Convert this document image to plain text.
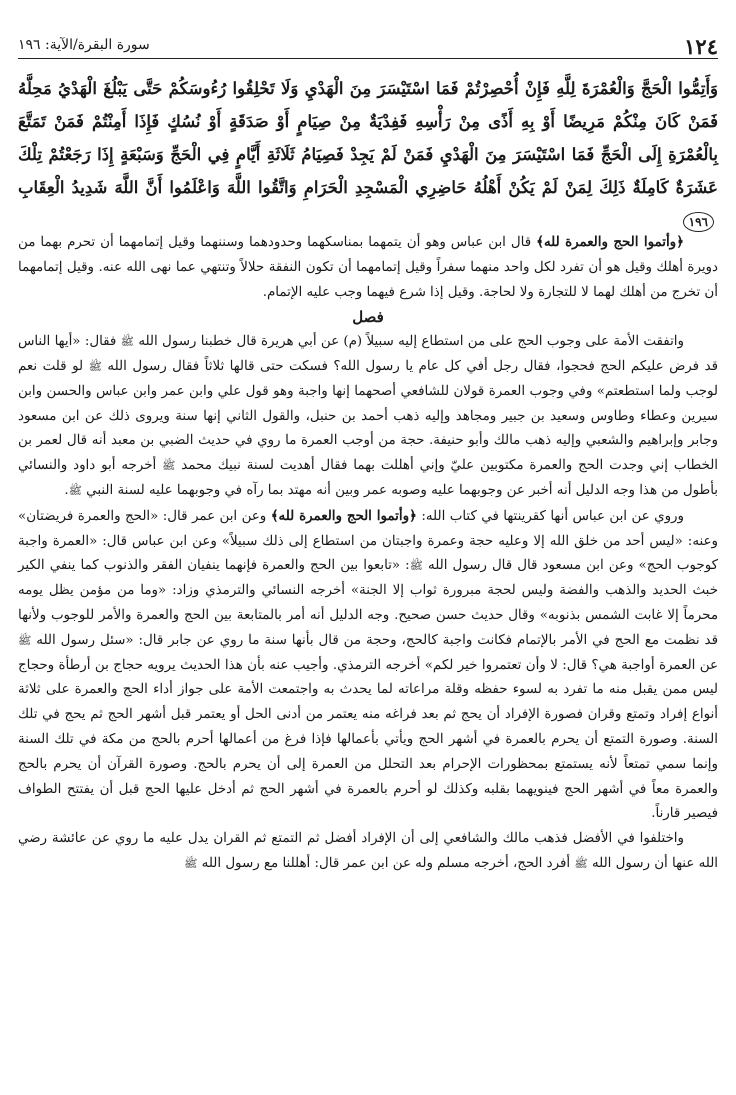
١٢٤
سورة البقرة/الآية: ١٩٦
وَأَتِمُّوا الْحَجَّ وَالْعُمْرَةَ لِلَّهِ فَإِنْ أُحْصِرْتُمْ فَمَا اسْتَيْسَرَ مِنَ الْهَدْيِ وَلَا تَحْلِقُوا رُءُوسَكُمْ حَتَّى يَبْلُغَ الْهَدْيُ مَحِلَّهُ فَمَنْ كَانَ مِنْكُمْ مَرِيضًا أَوْ بِهِ أَذًى مِنْ رَأْسِهِ فَفِدْيَةٌ مِنْ صِيَامٍ أَوْ صَدَقَةٍ أَوْ نُسُكٍ فَإِذَا أَمِنْتُمْ فَمَنْ تَمَتَّعَ بِالْعُمْرَةِ إِلَى الْحَجِّ فَمَا اسْتَيْسَرَ مِنَ الْهَدْيِ فَمَنْ لَمْ يَجِدْ فَصِيَامُ ثَلَاثَةِ أَيَّامٍ فِي الْحَجِّ وَسَبْعَةٍ إِذَا رَجَعْتُمْ تِلْكَ عَشَرَةٌ كَامِلَةٌ ذَلِكَ لِمَنْ لَمْ يَكُنْ أَهْلُهُ حَاضِرِي الْمَسْجِدِ الْحَرَامِ وَاتَّقُوا اللَّهَ وَاعْلَمُوا أَنَّ اللَّهَ شَدِيدُ الْعِقَابِ ١٩٦

﴿وأتموا الحج والعمرة لله﴾ قال ابن عباس وهو أن يتمهما بمناسكهما وحدودهما وسننهما وقيل إتمامهما أن تحرم بهما من دويرة أهلك وقيل هو أن تفرد لكل واحد منهما سفراً وقيل إتمامهما أن تكون النفقة حلالاً وتنتهي عما نهى الله عنه. وقيل إتمامهما أن تخرج من أهلك لهما لا للتجارة ولا لحاجة. وقيل إذا شرع فيهما وجب عليه الإتمام.

فصل

واتفقت الأمة على وجوب الحج على من استطاع إليه سبيلاً (م) عن أبي هريرة قال خطبنا رسول الله ﷺ فقال: «أيها الناس قد فرض عليكم الحج فحجوا، فقال رجل أفي كل عام يا رسول الله؟ فسكت حتى قالها ثلاثاً فقال رسول الله ﷺ لو قلت نعم لوجب ولما استطعتم» وفي وجوب العمرة قولان للشافعي أصحهما إنها واجبة وهو قول علي وابن عمر وابن عباس والحسن وابن سيرين وعطاء وطاوس وسعيد بن جبير ومجاهد وإليه ذهب أحمد بن حنبل، والقول الثاني إنها سنة ويروى ذلك عن ابن مسعود وجابر وإبراهيم والشعبي وإليه ذهب مالك وأبو حنيفة. حجة من أوجب العمرة ما روي في حديث الضبي بن معبد أنه قال لعمر بن الخطاب إني وجدت الحج والعمرة مكتوبين عليّ وإني أهللت بهما فقال أهديت لسنة نبيك محمد ﷺ أخرجه أبو داود والنسائي بأطول من هذا وجه الدليل أنه أخبر عن وجوبهما عليه وصوبه عمر وبين أنه مهتد بما رآه في وجوبهما عليه لسنة النبي ﷺ.

وروي عن ابن عباس أنها كقرينتها في كتاب الله: ﴿وأتموا الحج والعمرة لله﴾ وعن ابن عمر قال: «الحج والعمرة فريضتان» وعنه: «ليس أحد من خلق الله إلا وعليه حجة وعمرة واجبتان من استطاع إلى ذلك سبيلاً» وعن ابن عباس قال: «العمرة واجبة كوجوب الحج» وعن ابن مسعود قال قال رسول الله ﷺ: «تابعوا بين الحج والعمرة فإنهما ينفيان الفقر والذنوب كما ينفي الكير خبث الحديد والذهب والفضة وليس لحجة مبرورة ثواب إلا الجنة» أخرجه النسائي والترمذي وزاد: «وما من مؤمن يظل يومه محرماً إلا غابت الشمس بذنوبه» وقال حديث حسن صحيح. وجه الدليل أنه أمر بالمتابعة بين الحج والعمرة والأمر للوجوب ولأنها قد نظمت مع الحج في الأمر بالإتمام فكانت واجبة كالحج، وحجة من قال بأنها سنة ما روي عن جابر قال: «سئل رسول الله ﷺ عن العمرة أواجبة هي؟ قال: لا وأن تعتمروا خير لكم» أخرجه الترمذي. وأجيب عنه بأن هذا الحديث يرويه حجاج بن أرطأة وحجاج ليس ممن يقبل منه ما تفرد به لسوء حفظه وقلة مراعاته لما يحدث به واجتمعت الأمة على جواز أداء الحج والعمرة على ثلاثة أنواع إفراد وتمتع وقران فصورة الإفراد أن يحج ثم بعد فراغه منه يعتمر من أدنى الحل أو يعتمر قبل أشهر الحج ثم يحج في تلك السنة. وصورة التمتع أن يحرم بالعمرة في أشهر الحج ويأتي بأعمالها فإذا فرغ من أعمالها أحرم بالحج من مكة في تلك السنة وإنما سمي تمتعاً لأنه يستمتع بمحظورات الإحرام بعد التحلل من العمرة إلى أن يحرم بالحج. وصورة القرآن أن يحرم بالحج والعمرة معاً في أشهر الحج فينويهما بقلبه وكذلك لو أحرم بالعمرة في أشهر الحج ثم أدخل عليها الحج قبل أن يفتتح الطواف فيصير قارناً.

واختلفوا في الأفضل فذهب مالك والشافعي إلى أن الإفراد أفضل ثم التمتع ثم القران يدل عليه ما روي عن عائشة رضي الله عنها أن رسول الله ﷺ أفرد الحج، أخرجه مسلم وله عن ابن عمر قال: أهللنا مع رسول الله ﷺ
